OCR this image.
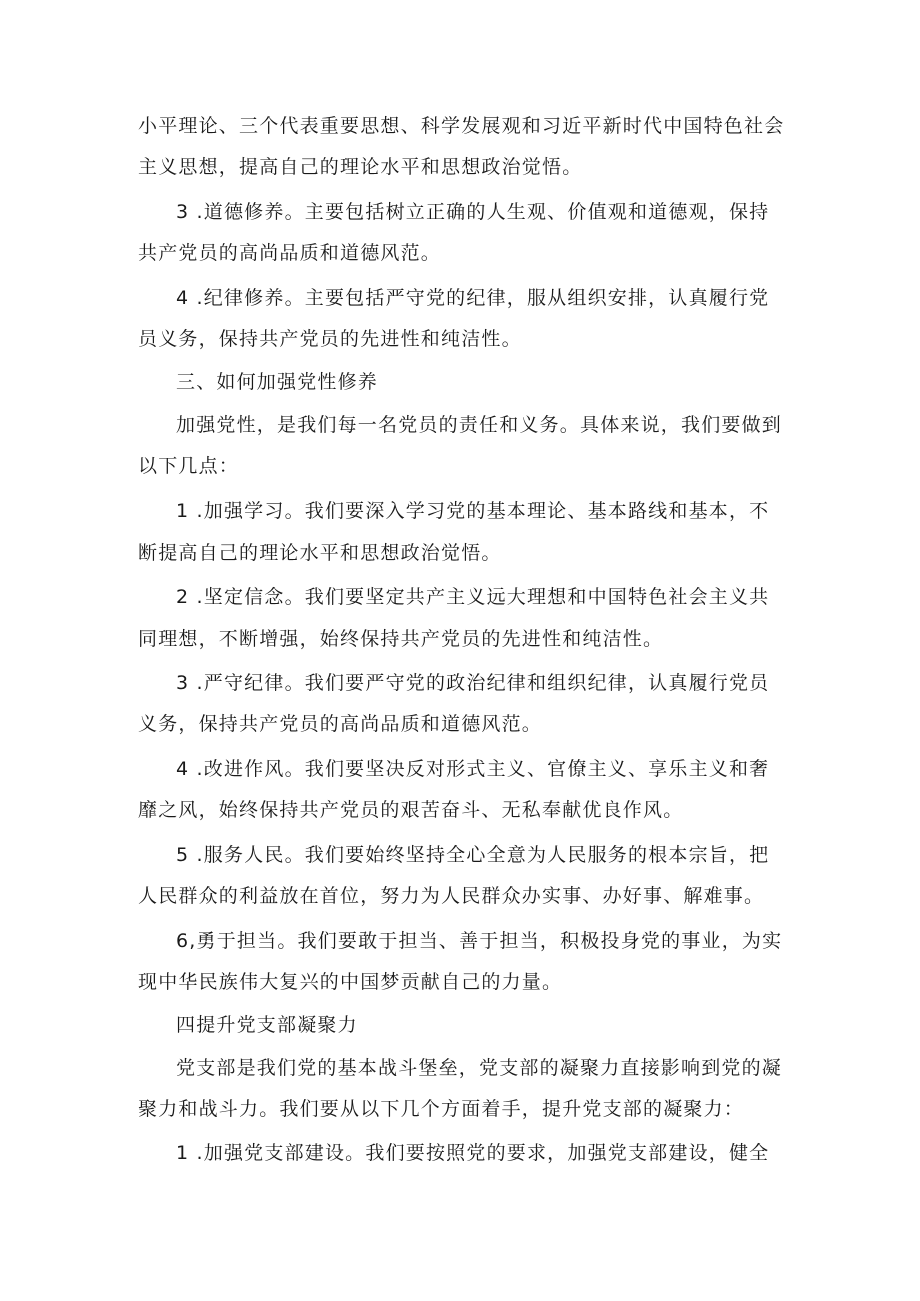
小平理论、三个代表重要思想、科学发展观和习近平新时代中国特色社会
主义思想，提高自己的理论水平和思想政治觉悟。
3 .道德修养。主要包括树立正确的人生观、价值观和道德观，保持
共产党员的高尚品质和道德风范。
4 .纪律修养。主要包括严守党的纪律，服从组织安排，认真履行党
员义务，保持共产党员的先进性和纯洁性。
三、如何加强党性修养
加强党性，是我们每一名党员的责任和义务。具体来说，我们要做到
以下几点：
1 .加强学习。我们要深入学习党的基本理论、基本路线和基本，不
断提高自己的理论水平和思想政治觉悟。
2 .坚定信念。我们要坚定共产主义远大理想和中国特色社会主义共
同理想，不断增强，始终保持共产党员的先进性和纯洁性。
3 .严守纪律。我们要严守党的政治纪律和组织纪律，认真履行党员
义务，保持共产党员的高尚品质和道德风范。
4 .改进作风。我们要坚决反对形式主义、官僚主义、享乐主义和奢
靡之风，始终保持共产党员的艰苦奋斗、无私奉献优良作风。
5 .服务人民。我们要始终坚持全心全意为人民服务的根本宗旨，把
人民群众的利益放在首位，努力为人民群众办实事、办好事、解难事。
6,勇于担当。我们要敢于担当、善于担当，积极投身党的事业，为实
现中华民族伟大复兴的中国梦贡献自己的力量。
四提升党支部凝聚力
党支部是我们党的基本战斗堡垒，党支部的凝聚力直接影响到党的凝
聚力和战斗力。我们要从以下几个方面着手，提升党支部的凝聚力：
1 .加强党支部建设。我们要按照党的要求，加强党支部建设，健全
